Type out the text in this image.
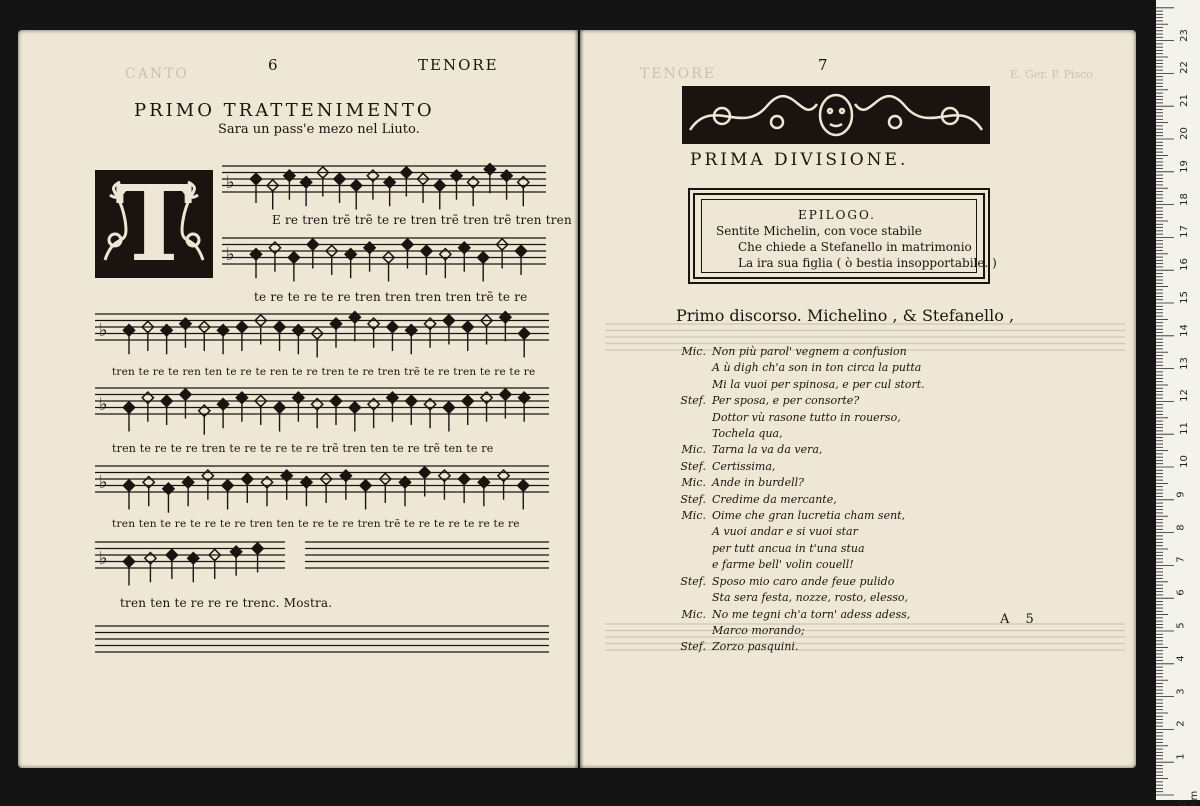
CANTO	TENORE	E. Ger. P. Pisco
6	TENORE
PRIMO TRATTENIMENTO
Sara un pass'e mezo nel Liuto.
T	♭
♭
♭
♭
♭
♭
E re tren trẽ trẽ te re tren trẽ tren trẽ tren tren
te re te re te re tren tren tren tren trẽ te re
tren te re te ren ten te re te ren te re tren te re tren trẽ te re tren te re te re
tren te re te re tren te re te re te re trẽ tren ten te re trẽ ten te re
tren ten te re te re te re tren ten te re te re tren trẽ te re te re te re te re
tren ten te re re re trenc. Mostra.
7
PRIMA DIVISIONE.
EPILOGO.
Sentite Michelin, con voce stabile
Che chiede a Stefanello in matrimonio
La ira sua figlia ( ò bestia insopportabile. )
Primo discorso. Michelino , & Stefanello ,
Mic. Non più parol' vegnem a confusion
A ù digh ch'a son in ton circa la putta
Mi la vuoi per spinosa, e per cul stort.
Stef. Per sposa, e per consorte?
Dottor vù rasone tutto in rouerso,
Tochela qua,
Mic. Tarna la va da vera,
Stef. Certissima,
Mic. Ande in burdell?
Stef. Credime da mercante,
Mic. Oime che gran lucretia cham sent,
A vuoi andar e si vuoi star
per tutt ancua in t'una stua
e farme bell' volin couell!
Stef. Sposo mio caro ande feue pulido
Sta sera festa, nozze, rosto, elesso,
Mic. No me tegni ch'a torn' adess adess,
Marco morando;
Stef. Zorzo pasquini.
A 5
0 cm
1
2
3
4
5
6
7
8
9
10
11
12
13
14
15
16
17
18
19
20
21
22
23
